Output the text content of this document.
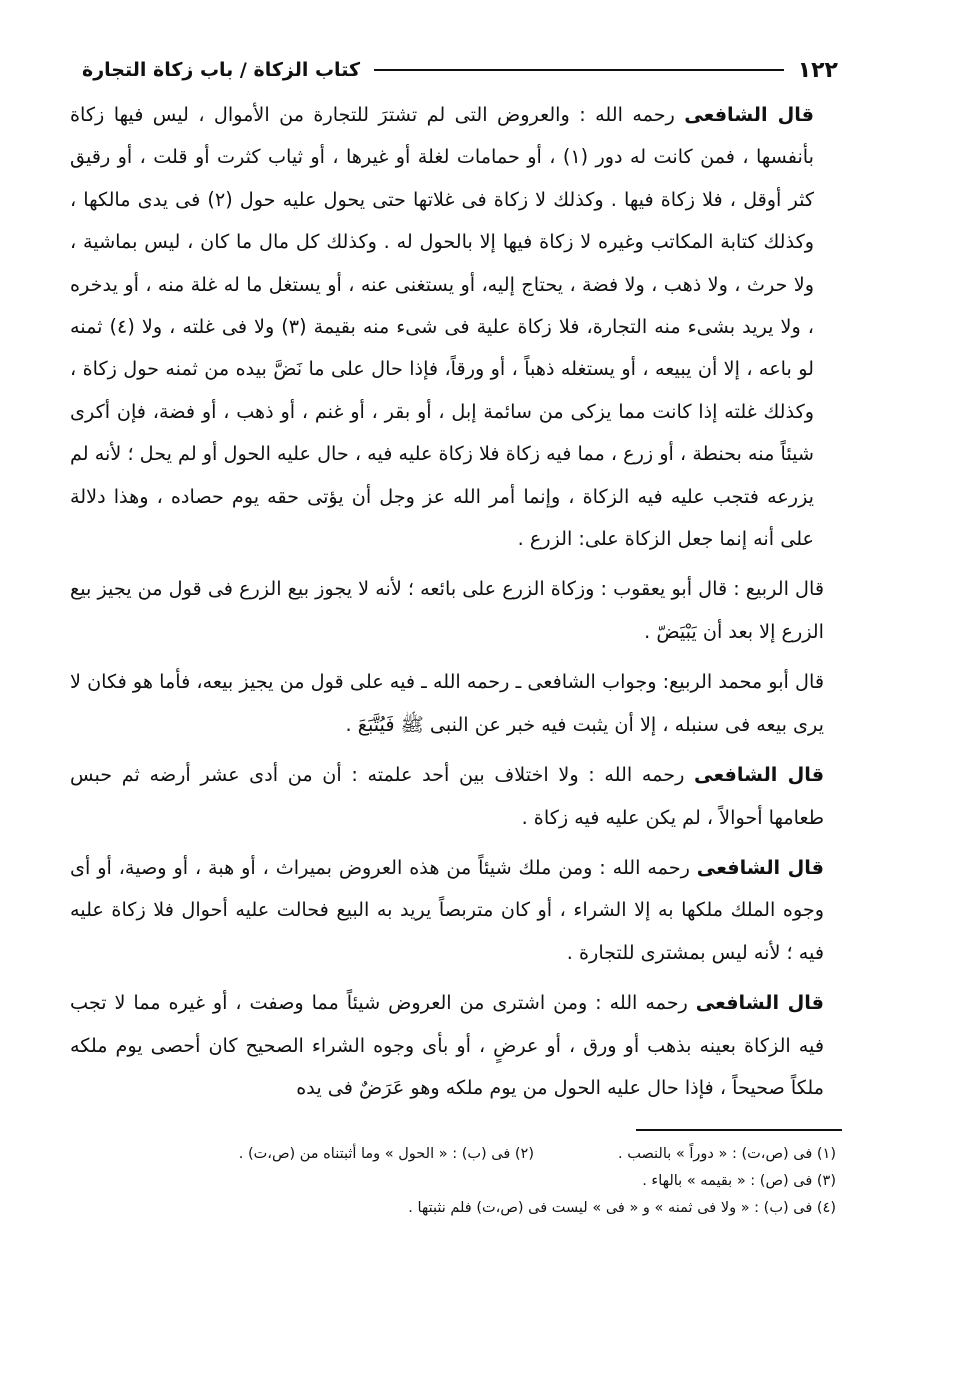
١٢٢
كتاب الزكاة / باب زكاة التجارة

قال الشافعى رحمه الله : والعروض التى لم تشترَ للتجارة من الأموال ، ليس فيها زكاة بأنفسها ، فمن كانت له دور (١) ، أو حمامات لغلة أو غيرها ، أو ثياب كثرت أو قلت ، أو رقيق كثر أوقل ، فلا زكاة فيها . وكذلك لا زكاة فى غلاتها حتى يحول عليه حول (٢) فى يدى مالكها ، وكذلك كتابة المكاتب وغيره لا زكاة فيها إلا بالحول له . وكذلك كل مال ما كان ، ليس بماشية ، ولا حرث ، ولا ذهب ، ولا فضة ، يحتاج إليه، أو يستغنى عنه ، أو يستغل ما له غلة منه ، أو يدخره ، ولا يريد بشىء منه التجارة، فلا زكاة علية فى شىء منه بقيمة (٣) ولا فى غلته ، ولا (٤) ثمنه لو باعه ، إلا أن يبيعه ، أو يستغله ذهباً ، أو ورقاً، فإذا حال على ما نَضَّ بيده من ثمنه حول زكاة ، وكذلك غلته إذا كانت مما يزكى من سائمة إبل ، أو بقر ، أو غنم ، أو ذهب ، أو فضة، فإن أكرى شيئاً منه بحنطة ، أو زرع ، مما فيه زكاة فلا زكاة عليه فيه ، حال عليه الحول أو لم يحل ؛ لأنه لم يزرعه فتجب عليه فيه الزكاة ، وإنما أمر الله عز وجل أن يؤتى حقه يوم حصاده ، وهذا دلالة على أنه إنما جعل الزكاة على: الزرع .

قال الربيع : قال أبو يعقوب : وزكاة الزرع على بائعه ؛ لأنه لا يجوز بيع الزرع فى قول من يجيز بيع الزرع إلا بعد أن يَبْيَضّ .

قال أبو محمد الربيع: وجواب الشافعى ـ رحمه الله ـ فيه على قول من يجيز بيعه، فأما هو فكان لا يرى بيعه فى سنبله ، إلا أن يثبت فيه خبر عن النبى ﷺ فَيُتَّبَعَ .

قال الشافعى رحمه الله : ولا اختلاف بين أحد علمته : أن من أدى عشر أرضه ثم حبس طعامها أحوالاً ، لم يكن عليه فيه زكاة .

قال الشافعى رحمه الله : ومن ملك شيئاً من هذه العروض بميراث ، أو هبة ، أو وصية، أو أى وجوه الملك ملكها به إلا الشراء ، أو كان متربصاً يريد به البيع فحالت عليه أحوال فلا زكاة عليه فيه ؛ لأنه ليس بمشترى للتجارة .

قال الشافعى رحمه الله : ومن اشترى من العروض شيئاً مما وصفت ، أو غيره مما لا تجب فيه الزكاة بعينه بذهب أو ورق ، أو عرضٍ ، أو بأى وجوه الشراء الصحيح كان أحصى يوم ملكه ملكاً صحيحاً ، فإذا حال عليه الحول من يوم ملكه وهو عَرَضٌ فى يده

(١) فى (ص،ت) : « دوراً » بالنصب .
(٢) فى (ب) : « الحول » وما أثبتناه من (ص،ت) .
(٣) فى (ص) : « بقيمه » بالهاء .
(٤) فى (ب) : « ولا فى ثمنه » و « فى » ليست فى (ص،ت) فلم نثبتها .
